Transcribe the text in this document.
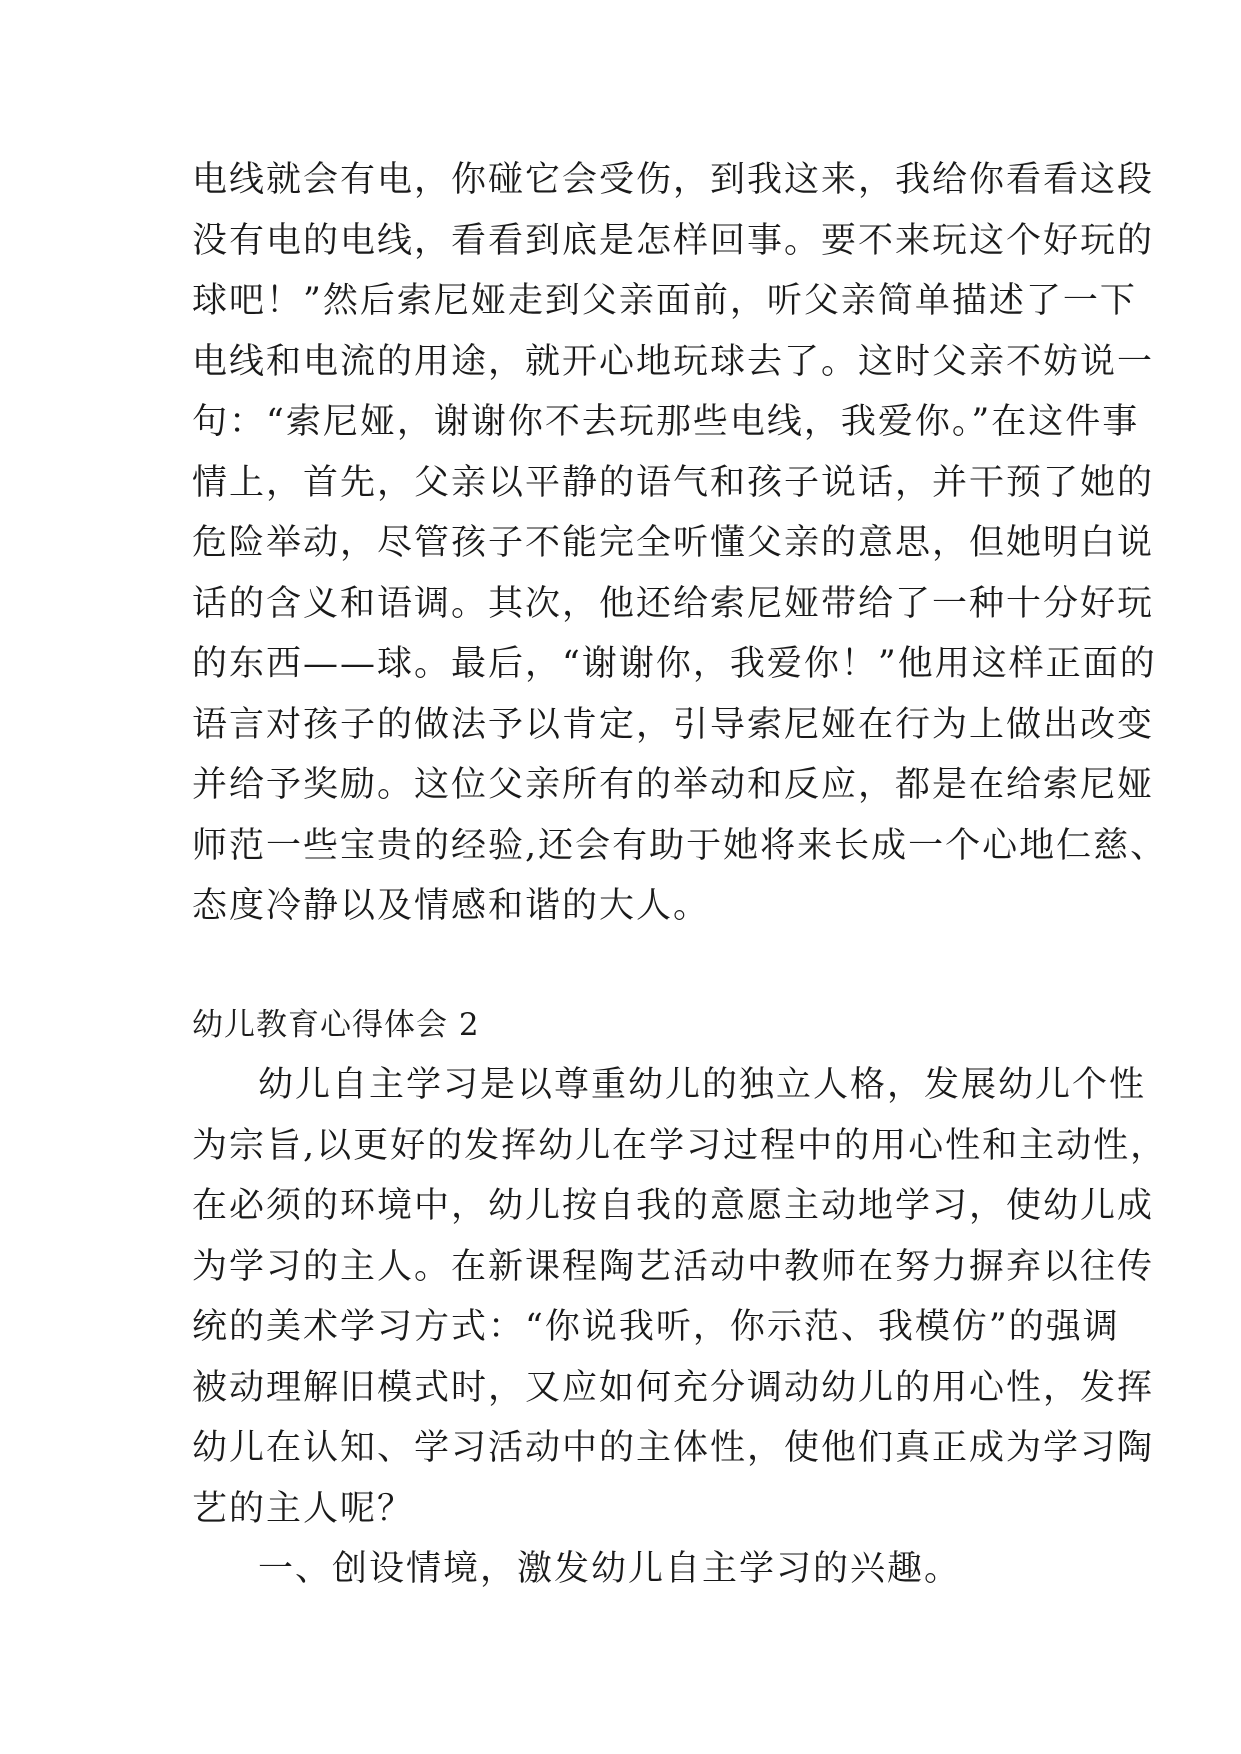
电线就会有电，你碰它会受伤，到我这来，我给你看看这段
没有电的电线，看看到底是怎样回事。要不来玩这个好玩的
球吧！”然后索尼娅走到父亲面前，听父亲简单描述了一下
电线和电流的用途，就开心地玩球去了。这时父亲不妨说一
句：“索尼娅，谢谢你不去玩那些电线，我爱你。”在这件事
情上，首先，父亲以平静的语气和孩子说话，并干预了她的
危险举动，尽管孩子不能完全听懂父亲的意思，但她明白说
话的含义和语调。其次，他还给索尼娅带给了一种十分好玩
的东西——球。最后，“谢谢你，我爱你！”他用这样正面的
语言对孩子的做法予以肯定，引导索尼娅在行为上做出改变
并给予奖励。这位父亲所有的举动和反应，都是在给索尼娅
师范一些宝贵的经验,还会有助于她将来长成一个心地仁慈、
态度冷静以及情感和谐的大人。
幼儿教育心得体会 2
幼儿自主学习是以尊重幼儿的独立人格，发展幼儿个性
为宗旨,以更好的发挥幼儿在学习过程中的用心性和主动性，
在必须的环境中，幼儿按自我的意愿主动地学习，使幼儿成
为学习的主人。在新课程陶艺活动中教师在努力摒弃以往传
统的美术学习方式：“你说我听，你示范、我模仿”的强调
被动理解旧模式时，又应如何充分调动幼儿的用心性，发挥
幼儿在认知、学习活动中的主体性，使他们真正成为学习陶
艺的主人呢？
一、创设情境，激发幼儿自主学习的兴趣。
